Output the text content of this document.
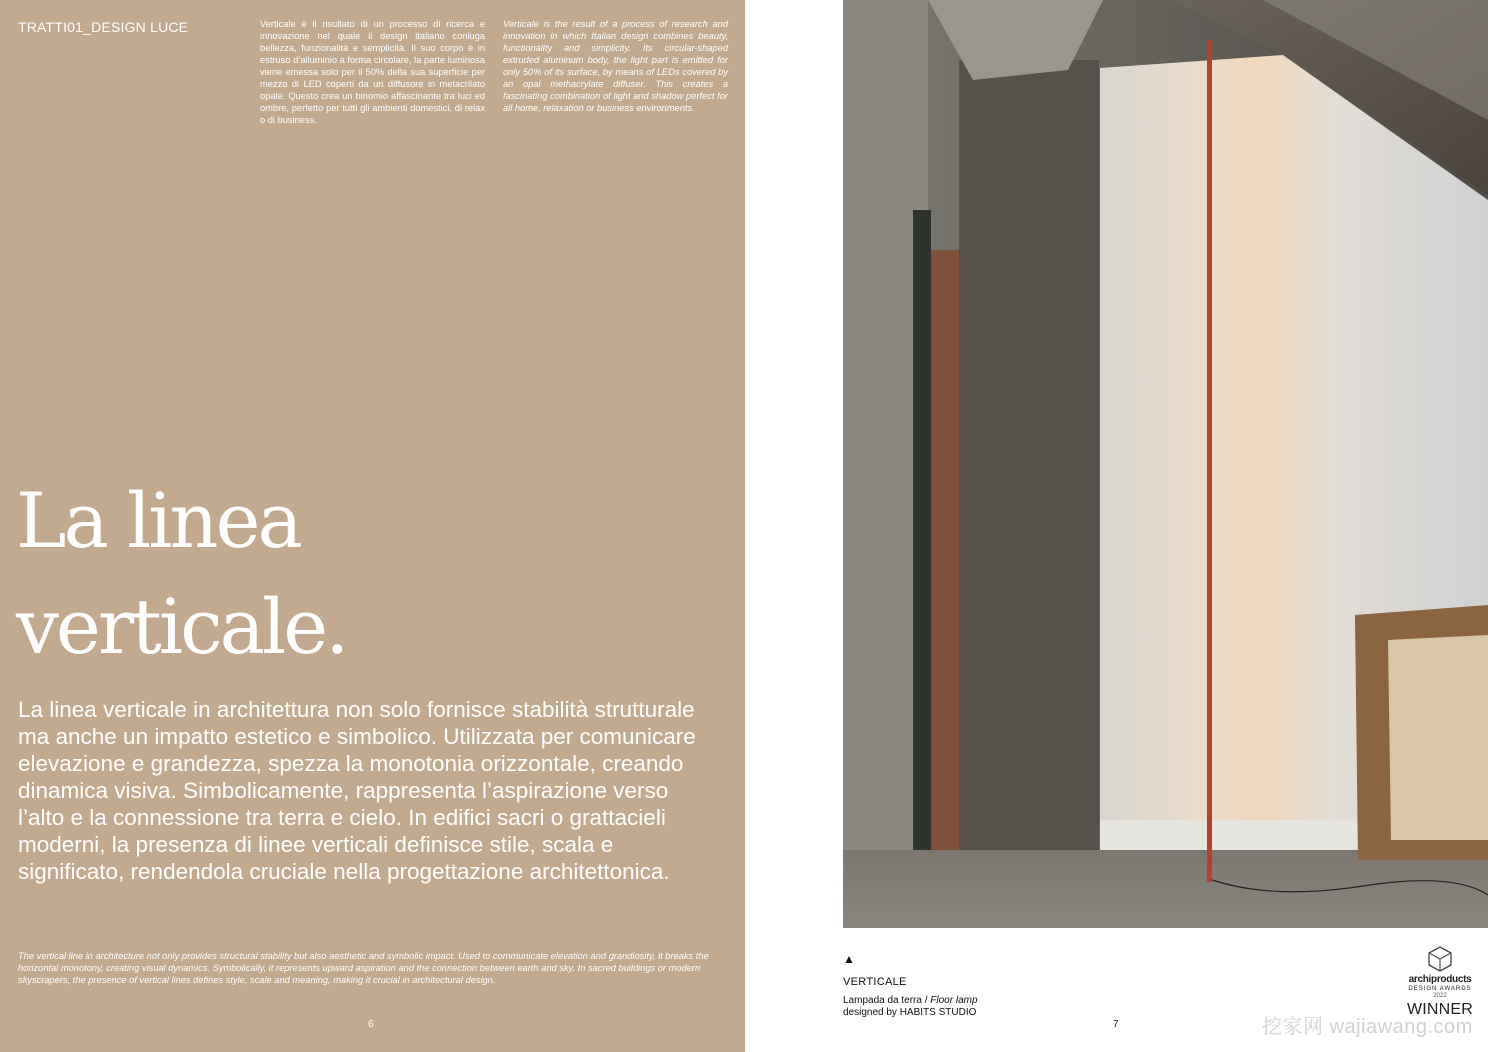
TRATTI01_DESIGN LUCE	Verticale è il risultato di un processo di ricerca e innovazione nel quale il design italiano coniuga bellezza, funzionalità e semplicità. Il suo corpo è in estruso d’alluminio a forma circolare, la parte luminosa viene emessa solo per il 50% della sua superficie per mezzo di LED coperti da un diffusore in metacrilato opale. Questo crea un binomio affascinante tra luci ed ombre, perfetto per tutti gli ambienti domestici, di relax o di business.

Verticale is the result of a process of research and innovation in which Italian design combines beauty, functionality and simplicity. Its circular-shaped extruded aluminum body, the light part is emitted for only 50% of its surface, by means of LEDs covered by an opal methacrylate diffuser. This creates a fascinating combination of light and shadow perfect for all home, relaxation or business environments.

La linea
verticale.

La linea verticale in architettura non solo fornisce stabilità strutturale ma anche un impatto estetico e simbolico. Utilizzata per comunicare elevazione e grandezza, spezza la monotonia orizzontale, creando dinamica visiva. Simbolicamente, rappresenta l’aspirazione verso l’alto e la connessione tra terra e cielo. In edifici sacri o grattacieli moderni, la presenza di linee verticali definisce stile, scala e significato, rendendola cruciale nella progettazione architettonica.

The vertical line in architecture not only provides structural stability but also aesthetic and symbolic impact. Used to communicate elevation and grandiosity, it breaks the horizontal monotony, creating visual dynamics. Symbolically, it represents upward aspiration and the connection between earth and sky. In sacred buildings or modern skyscrapers, the presence of vertical lines defines style, scale and meaning, making it crucial in architectural design.

6
▲
VERTICALE
Lampada da terra / Floor lamp
designed by HABITS STUDIO
7
archiproducts
DESIGN AWARDS
2022
WINNER
挖家网 wajiawang.com
